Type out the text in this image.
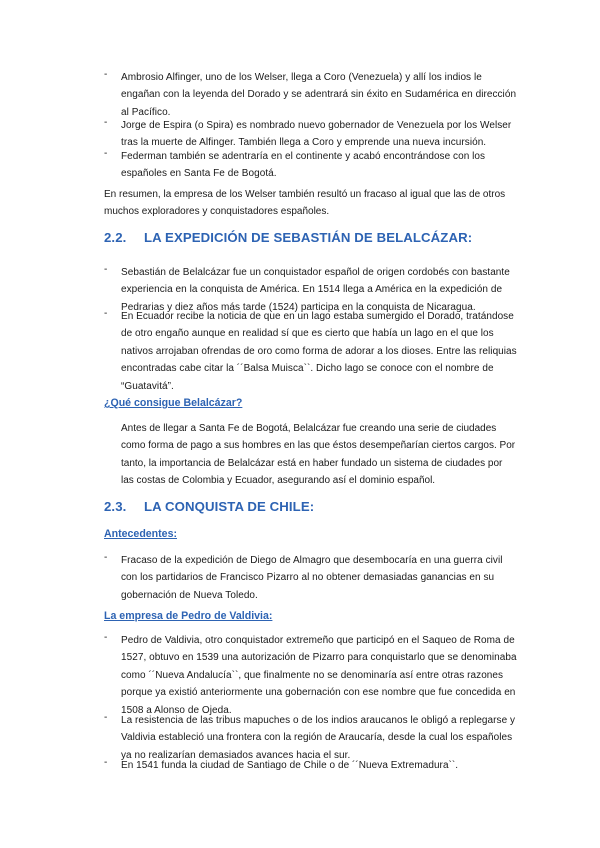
- Ambrosio Alfinger, uno de los Welser, llega a Coro (Venezuela) y allí los indios le engañan con la leyenda del Dorado y se adentrará sin éxito en Sudamérica en dirección al Pacífico.
- Jorge de Espira (o Spira) es nombrado nuevo gobernador de Venezuela por los Welser tras la muerte de Alfinger. También llega a Coro y emprende una nueva incursión.
- Federman también se adentraría en el continente y acabó encontrándose con los españoles en Santa Fe de Bogotá.
En resumen, la empresa de los Welser también resultó un fracaso al igual que las de otros muchos exploradores y conquistadores españoles.
2.2. LA EXPEDICIÓN DE SEBASTIÁN DE BELALCÁZAR:
- Sebastián de Belalcázar fue un conquistador español de origen cordobés con bastante experiencia en la conquista de América. En 1514 llega a América en la expedición de Pedrarias y diez años más tarde (1524) participa en la conquista de Nicaragua.
- En Ecuador recibe la noticia de que en un lago estaba sumergido el Dorado, tratándose de otro engaño aunque en realidad sí que es cierto que había un lago en el que los nativos arrojaban ofrendas de oro como forma de adorar a los dioses. Entre las reliquias encontradas cabe citar la ´´Balsa Muisca``. Dicho lago se conoce con el nombre de “Guatavitá”.
¿Qué consigue Belalcázar?
Antes de llegar a Santa Fe de Bogotá, Belalcázar fue creando una serie de ciudades como forma de pago a sus hombres en las que éstos desempeñarían ciertos cargos. Por tanto, la importancia de Belalcázar está en haber fundado un sistema de ciudades por las costas de Colombia y Ecuador, asegurando así el dominio español.
2.3. LA CONQUISTA DE CHILE:
Antecedentes:
- Fracaso de la expedición de Diego de Almagro que desembocaría en una guerra civil con los partidarios de Francisco Pizarro al no obtener demasiadas ganancias en su gobernación de Nueva Toledo.
La empresa de Pedro de Valdivia:
- Pedro de Valdivia, otro conquistador extremeño que participó en el Saqueo de Roma de 1527, obtuvo en 1539 una autorización de Pizarro para conquistarlo que se denominaba como ´´Nueva Andalucía``, que finalmente no se denominaría así entre otras razones porque ya existió anteriormente una gobernación con ese nombre que fue concedida en 1508 a Alonso de Ojeda.
- La resistencia de las tribus mapuches o de los indios araucanos le obligó a replegarse y Valdivia estableció una frontera con la región de Araucaría, desde la cual los españoles ya no realizarían demasiados avances hacia el sur.
- En 1541 funda la ciudad de Santiago de Chile o de ´´Nueva Extremadura``.
